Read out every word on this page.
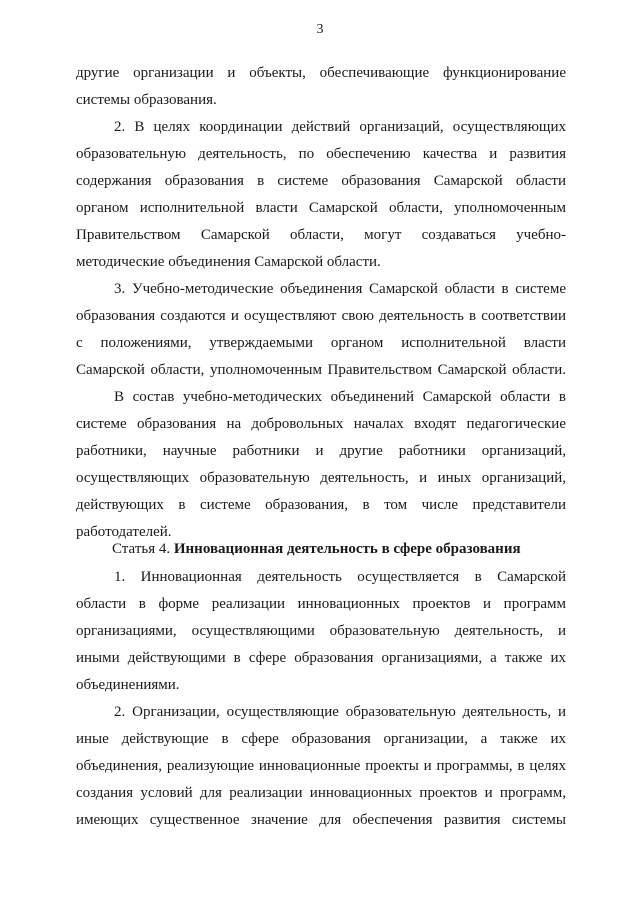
3
другие организации и объекты, обеспечивающие функционирование
системы образования.
2. В целях координации действий организаций, осуществляющих
образовательную деятельность, по обеспечению качества и развития
содержания образования в системе образования Самарской области
органом исполнительной власти Самарской области, уполномоченным
Правительством Самарской области, могут создаваться учебно-
методические объединения Самарской области.
3. Учебно-методические объединения Самарской области в системе
образования создаются и осуществляют свою деятельность в соответствии
с положениями, утверждаемыми органом исполнительной власти
Самарской области, уполномоченным Правительством Самарской области.
В состав учебно-методических объединений Самарской области в
системе образования на добровольных началах входят педагогические
работники, научные работники и другие работники организаций,
осуществляющих образовательную деятельность, и иных организаций,
действующих в системе образования, в том числе представители
работодателей.
Статья 4. Инновационная деятельность в сфере образования
1. Инновационная деятельность осуществляется в Самарской
области в форме реализации инновационных проектов и программ
организациями, осуществляющими образовательную деятельность, и
иными действующими в сфере образования организациями, а также их
объединениями.
2. Организации, осуществляющие образовательную деятельность, и
иные действующие в сфере образования организации, а также их
объединения, реализующие инновационные проекты и программы, в целях
создания условий для реализации инновационных проектов и программ,
имеющих существенное значение для обеспечения развития системы
